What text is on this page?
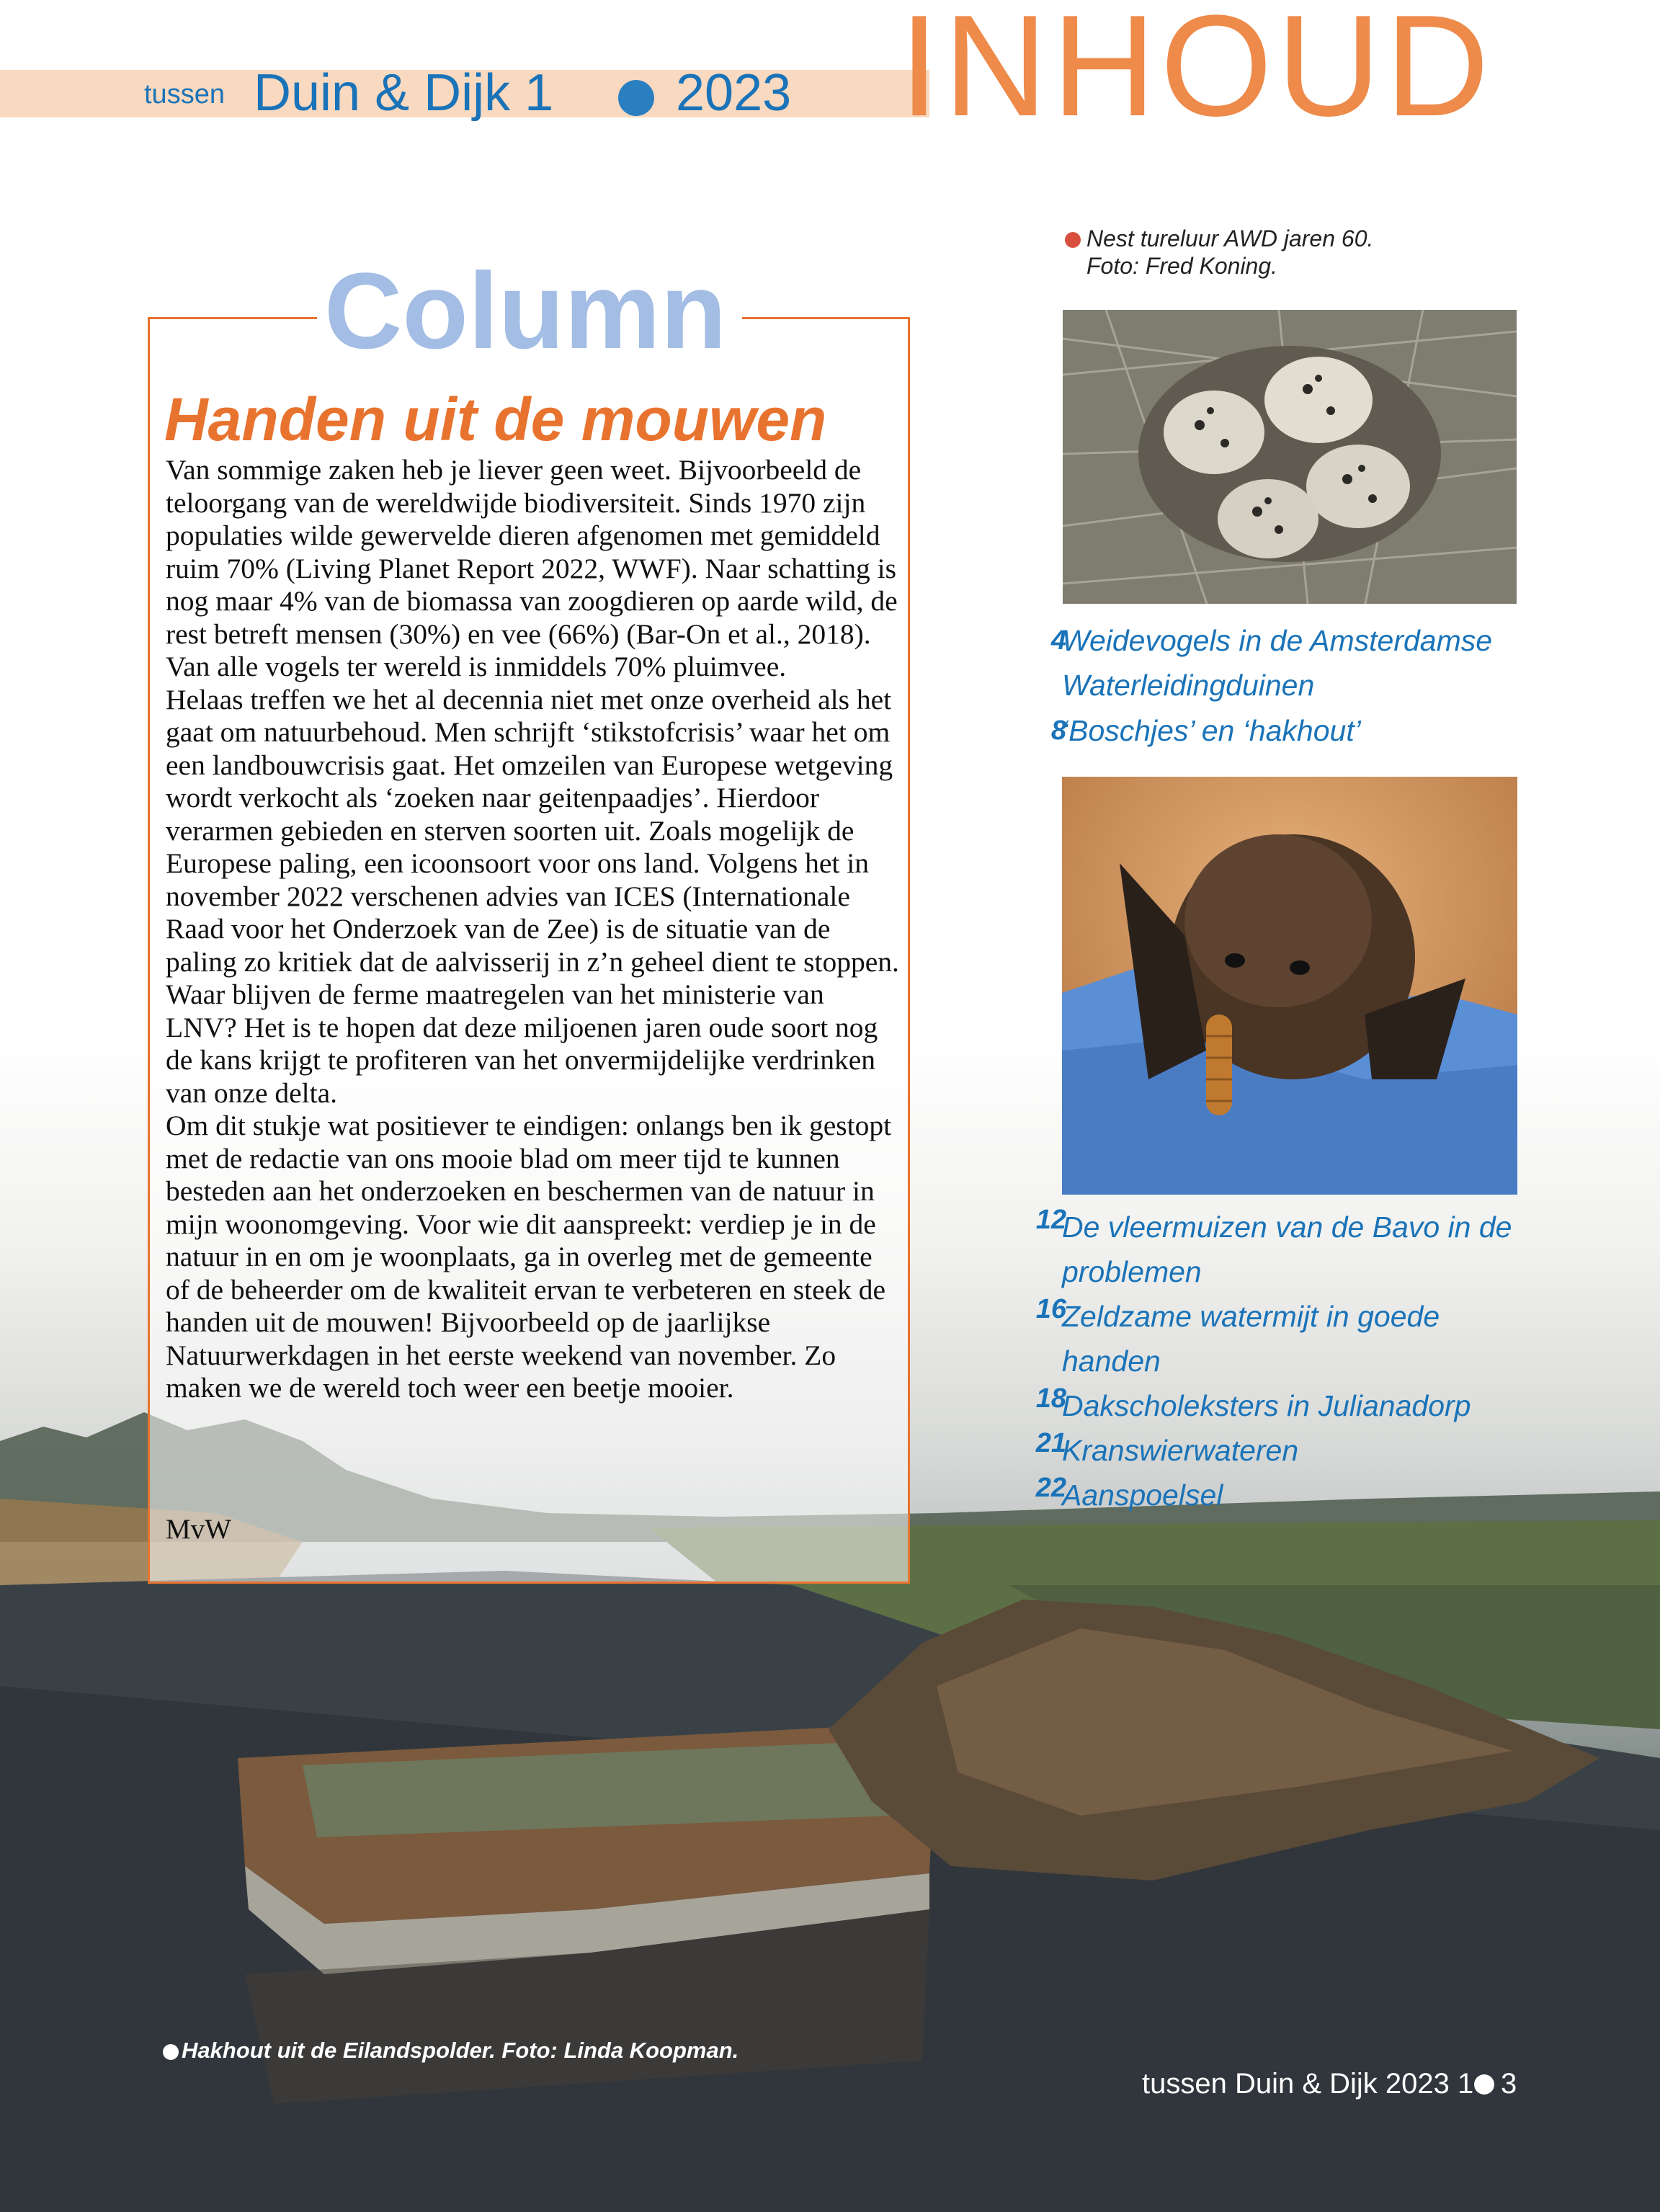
tussen Duin & Dijk 1 2023 INHOUD
Column
Handen uit de mouwen

Van sommige zaken heb je liever geen weet. Bijvoorbeeld de teloorgang van de wereldwijde biodiversiteit. Sinds 1970 zijn populaties wilde gewervelde dieren afgenomen met gemiddeld ruim 70% (Living Planet Report 2022, WWF). Naar schatting is nog maar 4% van de biomassa van zoogdieren op aarde wild, de rest betreft mensen (30%) en vee (66%) (Bar-On et al., 2018). Van alle vogels ter wereld is inmiddels 70% pluimvee.

Helaas treffen we het al decennia niet met onze overheid als het gaat om natuurbehoud. Men schrijft ‘stikstofcrisis’ waar het om een landbouwcrisis gaat. Het omzeilen van Europese wetgeving wordt verkocht als ‘zoeken naar geitenpaadjes’. Hierdoor verarmen gebieden en sterven soorten uit. Zoals mogelijk de Europese paling, een icoonsoort voor ons land. Volgens het in november 2022 verschenen advies van ICES (Internationale Raad voor het Onderzoek van de Zee) is de situatie van de paling zo kritiek dat de aalvisserij in z’n geheel dient te stoppen. Waar blijven de ferme maatregelen van het ministerie van LNV? Het is te hopen dat deze miljoenen jaren oude soort nog de kans krijgt te profiteren van het onvermijdelijke verdrinken van onze delta.

Om dit stukje wat positiever te eindigen: onlangs ben ik gestopt met de redactie van ons mooie blad om meer tijd te kunnen besteden aan het onderzoeken en beschermen van de natuur in mijn woonomgeving. Voor wie dit aanspreekt: verdiep je in de natuur in en om je woonplaats, ga in overleg met de gemeente of de beheerder om de kwaliteit ervan te verbeteren en steek de handen uit de mouwen! Bijvoorbeeld op de jaarlijkse Natuurwerkdagen in het eerste weekend van november. Zo maken we de wereld toch weer een beetje mooier.

MvW
Nest tureluur AWD jaren 60.
Foto: Fred Koning.
4
Weidevogels in de Amsterdamse
Waterleidingduinen
8
‘Boschjes’ en ‘hakhout’
12
De vleermuizen van de Bavo in de
problemen
16
Zeldzame watermijt in goede
handen
18
Dakscholeksters in Julianadorp
21
Kranswierwateren
22
Aanspoelsel
Hakhout uit de Eilandspolder. Foto: Linda Koopman.
tussen Duin & Dijk 2023 1 3
